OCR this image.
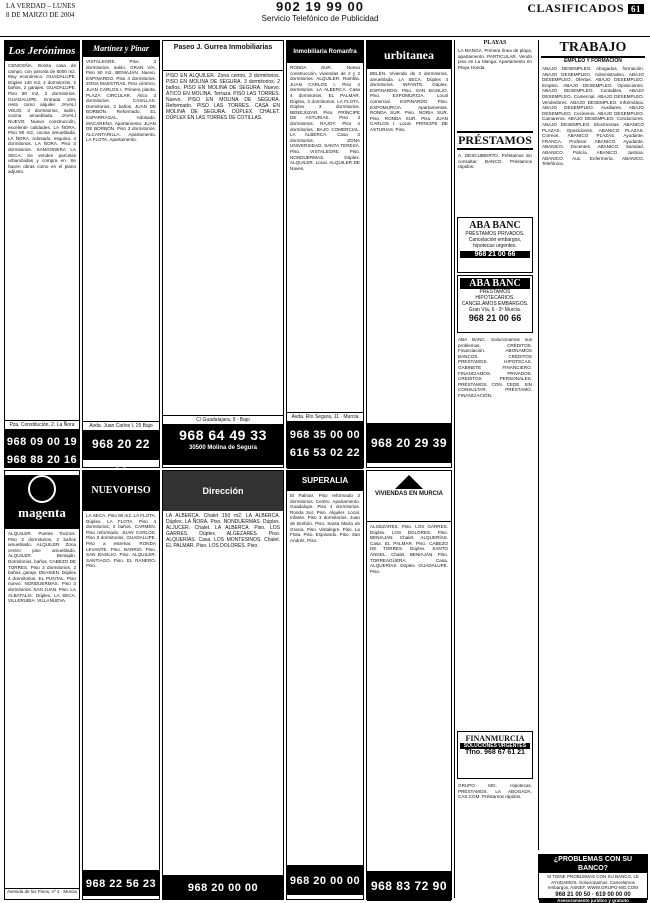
LA VERDAD – LUNES
8 DE MARZO DE 2004
902 19 99 00
Servicio Telefónico de Publicidad
CLASIFICADOS 61
Los Jerónimos
CENICEÑA. Bonita casa de campo, con parcela de 6000 m2. Muy económico. GUADALUPE. Dúplex 140 m2, 4 dormitorios, 2 baños, 2 garajes. GUADALUPE. Piso 80 m2, 3 dormitorios. GUADALUPE. Entrada 10% resto como alquiler. JAVALÍ VIEJO. 3 dormitorios, salón, cocina amueblada. JAVALÍ NUEVO. Nueva construcción, excelente calidades. LA ÑORA. Piso 90 m2, cocina amueblada. LA ÑORA. Adosado, esquina, 4 dormitorios. LA ÑORA. Piso 3 dormitorios. SANGONERA LA SECA. Se venden parcelas urbanizadas y compra en. Se hacen obras como en el plano adjunto.
Pza. Constitución, 2. La Ñora
968 09 00 19
968 88 20 16
magenta
ALQUILER. Puente Tocinos. Piso 3 dormitorios, 2 baños amueblado. ALQUILER. Zona centro piso amueblado. ALQUILER. Beniaján. Dormitorios, baños. CABEZO DE TORRES. Piso 3 dormitorios, 2 baños, garaje. DEASIEN. Dúplex 4 dormitorios. EL PUNTAL. Piso nuevo. NONDUERMAS. Piso 3 dormitorios. SAN JUAN. Piso. LA ALBATALÍA. Dúplex. LA SECA. VILLERUBIA. VILLANUEVA.
Avenida de los Pinos, nº 4 · Murcia
Martínez y Pinar
VISTALEGRE. Piso, 3 dormitorios, salón. GRAN VÍA. Piso 90 m2. BENIAJÁN. Nuevo. ESPINARDO. Piso 4 dormitorios. ZONA MAESTRAS. Piso céntrico. JUAN CARLOS I. Primera planta. PLAZA CIRCULAR. Ático 3 dormitorios. CASILLAS. Dormitorios, 2 baños. JUAN DE BORBÓN. Reformado. EL ESPARRAGAL. Adosado. MACARENA. Apartamento. JUAN DE BORBÓN. Piso 3 dormitorios. ALCANTARILLA. Apartamento. LA FLOTA. Apartamento.
Avda. Juan Carlos I, 25 Bajo
968 20 22
NUEVOPISO
LA SECA. Piso 90 m2. LA FLOTA. Dúplex. LA FLOTA. Piso 4 dormitorios, 2 baños. CARMEN. Piso reformado. JUAN CARLOS. Piso 3 dormitorios. GUADALUPE. Piso a estrenar. RONDA LEVANTE. Piso. BARRIO. Piso. SAN BASILIO. Piso. ALQUILER. SANTIAGO. Piso. EL RANERO. Piso.
968 22 56 23
Paseo J. Gurrea Inmobiliarias
PISO EN ALQUILER. Zona centro, 3 dormitorios. PISO EN MOLINA DE SEGURA. 3 dormitorios, 2 baños. PISO EN MOLINA DE SEGURA. Nuevo. ÁTICO EN MOLINA. Terraza. PISO LAS TORRES. Nuevo. PISO EN MOLINA DE SEGURA. Reformado. PISO LAS TORRES. CASA EN MOLINA DE SEGURA. DÚPLEX. CHALET. DÚPLEX EN LAS TORRES DE COTILLAS.
C/ Guadalajara, 9 - Bajo
968 64 49 33
30500 Molina de Segura
Dirección
LA ALBERCA. Chalet 150 m2. LA ALBERCA. Dúplex. LA ÑORA. Piso. NONDUERMAS. Dúplex. ALJUCER. Chalet. LA ALBERCA. Piso. LOS GARRES. Dúplex. ALGEZARES. Piso. ALQUERÍAS. Casa. LOS MONTESINOS. Chalet. EL PALMAR. Piso. LOS DOLORES. Piso.
968 20 00 00
Inmobiliaria Romanfra
RONDA SUR. Nueva construcción, viviendas de 2 y 3 dormitorios. ALQUILER. Rambla. JUAN CARLOS I. Piso 4 dormitorios. LA ALBERCA. Casa 4 dormitorios. EL PALMAR. Dúplex, 3 dormitorios. LA FLOTA. Dúplex 3 dormitorios. BENEJÚZAR. Piso. PRÍNCIPE DE ASTURIAS. Piso 3 dormitorios. RAJOY. Piso 4 dormitorios. BAJO COMERCIAL. LA ALBERCA. Casa 3 dormitorios. ZONA UNIVERSIDAD. SANTA TERESA. Piso. VISTALEGRE. Piso. NONDUERMAS. Dúplex. ALQUILER. Local. ALQUILER DE Naves.
Avda. Río Segura, 11 · Murcia
968 35 00 00
616 53 02 22
SUPERALIA
El Palmar. Piso reformado 3 dormitorios. Centro. Apartamento. Guadalupe. Piso 4 dormitorios. Ronda Sur. Piso. Alquiler. Local. Infante. Piso 3 dormitorios. Juan de Borbón. Piso. Santa María de Gracia. Piso. Vistalegre. Piso. La Flota. Piso. Espinardo. Piso. San Andrés. Piso.
968 20 00 00
urbitanea
BELÉN. Vivienda de 3 dormitorios, amueblada. LA SECA. Dúplex 4 dormitorios. INFANTE. Dúplex. ESPINARDO. Piso. SAN BASILIO. Piso. EXPOMURCIA. Local comercial. ESPINARDO. Piso. EXPOMURCIA. Apartamentos. RONDA SUR. Piso. NORIA SUR. Piso. RONDA SUR. Piso. JUAN CARLOS I. Local. PRÍNCIPE DE ASTURIAS. Piso.
968 20 29 39
VIVIENDAS EN MURCIA
ALGEZARES. Piso. LOS GARRES. Dúplex. LOS DOLORES. Piso. BENIAJÁN. Chalet. ALQUERÍAS. Casa. EL PALMAR. Piso. CABEZO DE TORRES. Dúplex. SANTO ÁNGEL. Chalet. BENIAJÁN. Piso. TORREAGÜERA. Casa. ALQUERÍAS. Dúplex. GUADALUPE. Piso.
968 83 72 90
PLAYAS
LA MANGA. Primera línea de playa, apartamento. PARTICULAR. Vendo piso en La Manga. Apartamento en Playa Honda.
PRÉSTAMOS
A. DESCUBIERTO. Préstamos sin consultar. BANCO. Préstamos rápidos.
ABA BANC
PRÉSTAMOS PRIVADOS. Cancelación embargos, hipotecas urgentes.
968 21 00 66
ABA BANC
PRÉSTAMOS HIPOTECARIOS. CANCELAMOS EMBARGOS. Gran Vía, 6 · 3º Murcia.
968 21 00 66
ABA BANC. Solucionamos sus problemas. CRÉDITOS. Financiación. ABONAMOS BANCOS. CRÉDITOS PRESTAMOS. HIPOTECAS. GABINETE FINANCIERO. FINANCIAMOS. PRIVADOS. CREDITOS PERSONALES. PRÉSTAMOS. CON. CEDE. SIN CONSULTAR. PRÉSTAMO. FINANCIACIÓN.
FINANMURCIA
SOLUCIONES URGENTES
Tfno. 968 67 61 21
GRUPO MG. Hipotecas. PRÉSTAMOS. LA ABOGADA. CAS.COM. Préstamos rápidos.
TRABAJO
EMPLEO Y FORMACIÓN
ABAJO DESEMPLEO. Abogados, formación. ABAJO DESEMPLEO. Administrativo. ABAJO DESEMPLEO. Ofertas. ABAJO DESEMPLEO. Empleo. ABAJO DESEMPLEO. Oposiciones. ABAJO DESEMPLEO. Contables. ABAJO DESEMPLEO. Comercial. ABAJO DESEMPLEO. Vendedores. ABAJO DESEMPLEO. Informática. ABAJO DESEMPLEO. Auxiliares. ABAJO DESEMPLEO. Cocineros. ABAJO DESEMPLEO. Camareros. ABAJO DESEMPLEO. Conductores. ABAJO DESEMPLEO. Electricistas. ABANICO PLAZAS. Oposiciones. ABANICO PLAZAS. Correos. ABANICO PLAZAS. Ayudante. FRANCA. Profesor. ABANICO. Ayudante. ABANICO. Docentes. ABANICO. Sanidad. ABANICO. Policía. ABANICO. Justicia. ABANICO. Aux. Enfermería. ABANICO. Telefónica.
¿PROBLEMAS CON SU BANCO?
SI TIENE PROBLEMAS CON SU BANCO, LE AYUDAMOS. Solucionamos. Cancelamos embargos, ASNEF. WWW.GRUPO-MG.COM
968 21 00 50 · 619 00 00 00
Asesoramiento jurídico y gratuito
